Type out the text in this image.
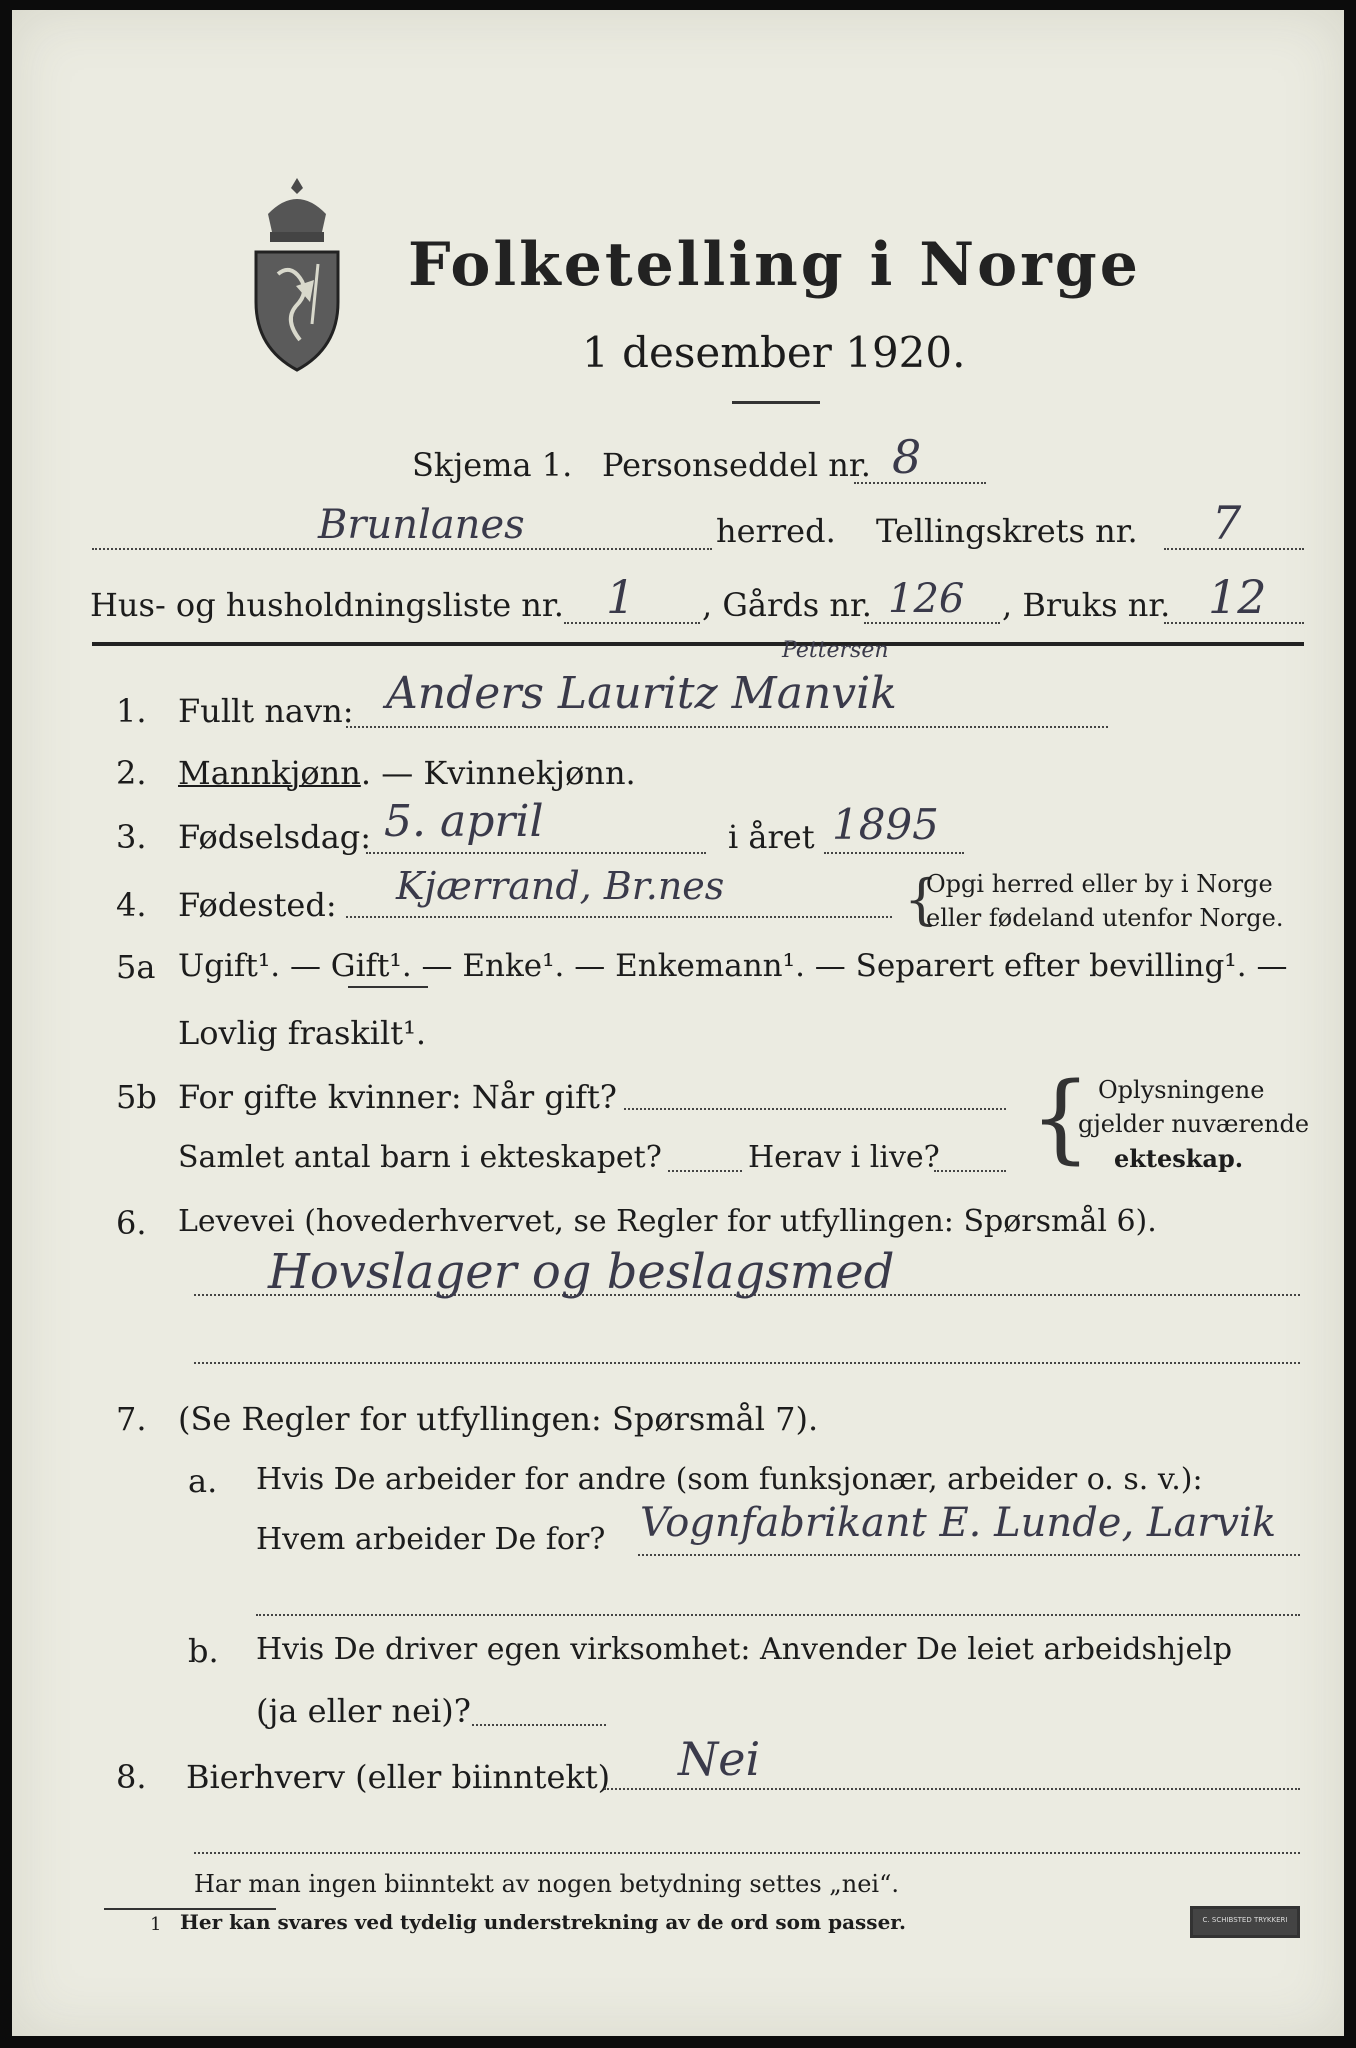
Folketelling i Norge
1 desember 1920.
Skjema 1. Personseddel nr. 8
Brunlanes	herred. Tellingskrets nr. 7
Hus- og husholdningsliste nr. 1 , Gårds nr. 126 , Bruks nr. 12
1. Fullt navn: Anders Lauritz Manvik
Pettersen
2. Mannkjønn. — Kvinnekjønn.
3. Fødselsdag: 5. april	i året 1895
4. Fødested: Kjærrand, Br.nes	{
Opgi herred eller by i Norge
eller fødeland utenfor Norge.
5a Ugift¹. — Gift¹. — Enke¹. — Enkemann¹. — Separert efter bevilling¹. —
Lovlig fraskilt¹.
5b For gifte kvinner: Når gift?
Samlet antal barn i ekteskapet?	Herav i live? { Oplysningene
gjelder nuværende
ekteskap.
6. Levevei (hovederhvervet, se Regler for utfyllingen: Spørsmål 6).
Hovslager og beslagsmed
7. (Se Regler for utfyllingen: Spørsmål 7).
a. Hvis De arbeider for andre (som funksjonær, arbeider o. s. v.):
Hvem arbeider De for? Vognfabrikant E. Lunde, Larvik
b. Hvis De driver egen virksomhet: Anvender De leiet arbeidshjelp
(ja eller nei)?
8. Bierhverv (eller biinntekt) Nei
Har man ingen biinntekt av nogen betydning settes „nei“.
1 Her kan svares ved tydelig understrekning av de ord som passer.	C. SCHIBSTED TRYKKERI
